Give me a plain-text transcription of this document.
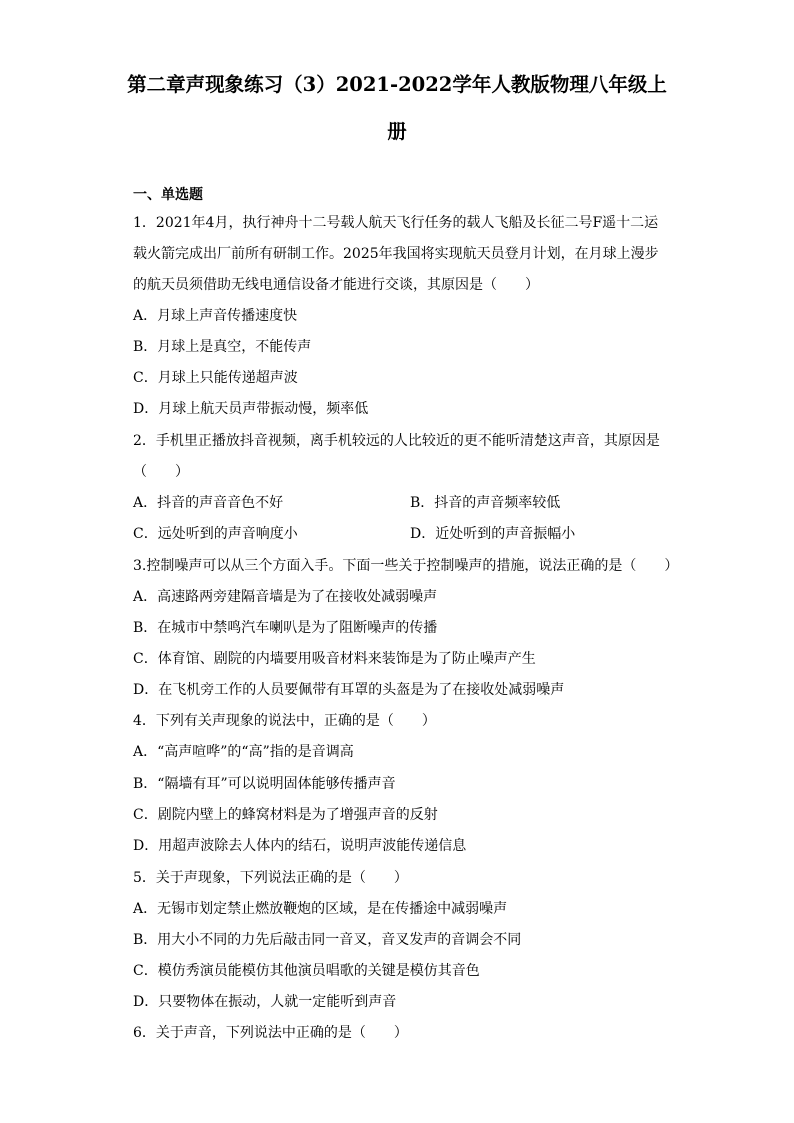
第二章声现象练习（3）2021-2022学年人教版物理八年级上
册
一、单选题
1．2021年4月，执行神舟十二号载人航天飞行任务的载人飞船及长征二号F遥十二运
载火箭完成出厂前所有研制工作。2025年我国将实现航天员登月计划，在月球上漫步
的航天员须借助无线电通信设备才能进行交谈，其原因是（　　）
A．月球上声音传播速度快
B．月球上是真空，不能传声
C．月球上只能传递超声波
D．月球上航天员声带振动慢，频率低
2．手机里正播放抖音视频，离手机较远的人比较近的更不能听清楚这声音，其原因是
（　　）
A．抖音的声音音色不好	B．抖音的声音频率较低
C．远处听到的声音响度小	D．近处听到的声音振幅小
3.控制噪声可以从三个方面入手。下面一些关于控制噪声的措施，说法正确的是（　　）
A．高速路两旁建隔音墙是为了在接收处减弱噪声
B．在城市中禁鸣汽车喇叭是为了阻断噪声的传播
C．体育馆、剧院的内墙要用吸音材料来装饰是为了防止噪声产生
D．在飞机旁工作的人员要佩带有耳罩的头盔是为了在接收处减弱噪声
4．下列有关声现象的说法中，正确的是（　　）
A．“高声喧哗”的“高”指的是音调高
B．“隔墙有耳”可以说明固体能够传播声音
C．剧院内壁上的蜂窝材料是为了增强声音的反射
D．用超声波除去人体内的结石，说明声波能传递信息
5．关于声现象，下列说法正确的是（　　）
A．无锡市划定禁止燃放鞭炮的区域，是在传播途中减弱噪声
B．用大小不同的力先后敲击同一音叉，音叉发声的音调会不同
C．模仿秀演员能模仿其他演员唱歌的关键是模仿其音色
D．只要物体在振动，人就一定能听到声音
6．关于声音，下列说法中正确的是（　　）
